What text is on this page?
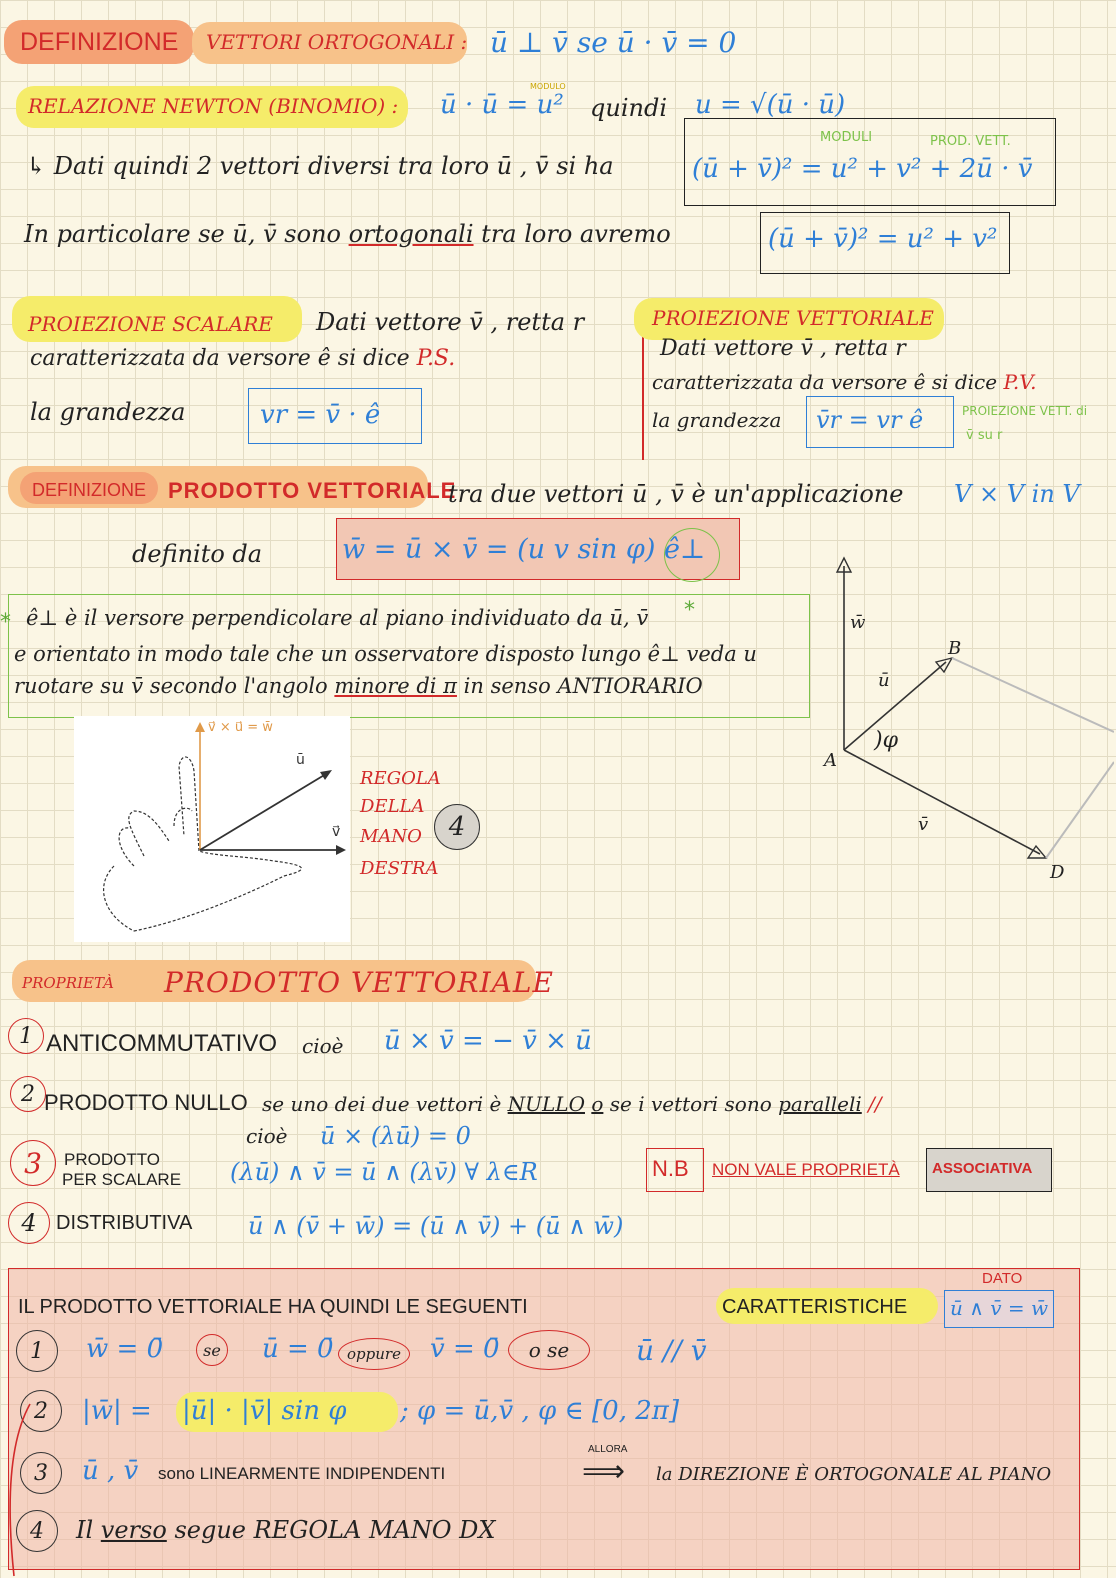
DEFINIZIONE VETTORI ORTOGONALI : ū ⊥ v̄ se ū · v̄ = 0
RELAZIONE NEWTON (BINOMIO) : ū · ū = u²
MODULO
quindi u = √(ū · ū)
↳ Dati quindi 2 vettori diversi tra loro ū , v̄ si ha
MODULI	PROD. VETT.
(ū + v̄)² = u² + v² + 2ū · v̄
In particolare se ū, v̄ sono ortogonali tra loro avremo	(ū + v̄)² = u² + v²
PROIEZIONE SCALARE Dati vettore v̄ , retta r
caratterizzata da versore ê si dice P.S.
la grandezza	vr = v̄ · ê
PROIEZIONE VETTORIALE
Dati vettore v̄ , retta r
caratterizzata da versore ê si dice P.V.
la grandezza v̄r = vr ê	PROIEZIONE VETT. di
v̄ su r
DEFINIZIONE PRODOTTO VETTORIALE
tra due vettori ū , v̄ è un'applicazione V × V in V
definito da	w̄ = ū × v̄ = (u v sin φ) ê⊥
*
* ê⊥ è il versore perpendicolare al piano individuato da ū, v̄
e orientato in modo tale che un osservatore disposto lungo ê⊥ veda u
ruotare su v̄ secondo l'angolo minore di π in senso ANTIORARIO
v⃗ × u⃗ = w̄
ū
v⃗
REGOLA
DELLA
MANO
DESTRA
4
w̄
ū
v̄
)φ
A
B
D
PROPRIETÀ PRODOTTO VETTORIALE
1 ANTICOMMUTATIVO cioè ū × v̄ = − v̄ × ū
2 PRODOTTO NULLO se uno dei due vettori è NULLO o se i vettori sono paralleli //
cioè ū × (λū) = 0
3 PRODOTTO
PER SCALARE (λū) ∧ v̄ = ū ∧ (λv̄) ∀ λ∈R	N.B NON VALE PROPRIETÀ ASSOCIATIVA
4 DISTRIBUTIVA ū ∧ (v̄ + w̄) = (ū ∧ v̄) + (ū ∧ w̄)
IL PRODOTTO VETTORIALE HA QUINDI LE SEGUENTI	CARATTERISTICHE
DATO
ū ∧ v̄ = w̄
1 w̄ = 0̄	se ū = 0̄ oppure v̄ = 0̄ o se ū // v̄
2 |w̄| = |ū| · |v̄| sin φ ; φ = ū,v̄ , φ ∈ [0, 2π]
3 ū , v̄ sono LINEARMENTE INDIPENDENTI
ALLORA
⟹ la DIREZIONE È ORTOGONALE AL PIANO
4 Il verso segue REGOLA MANO DX
